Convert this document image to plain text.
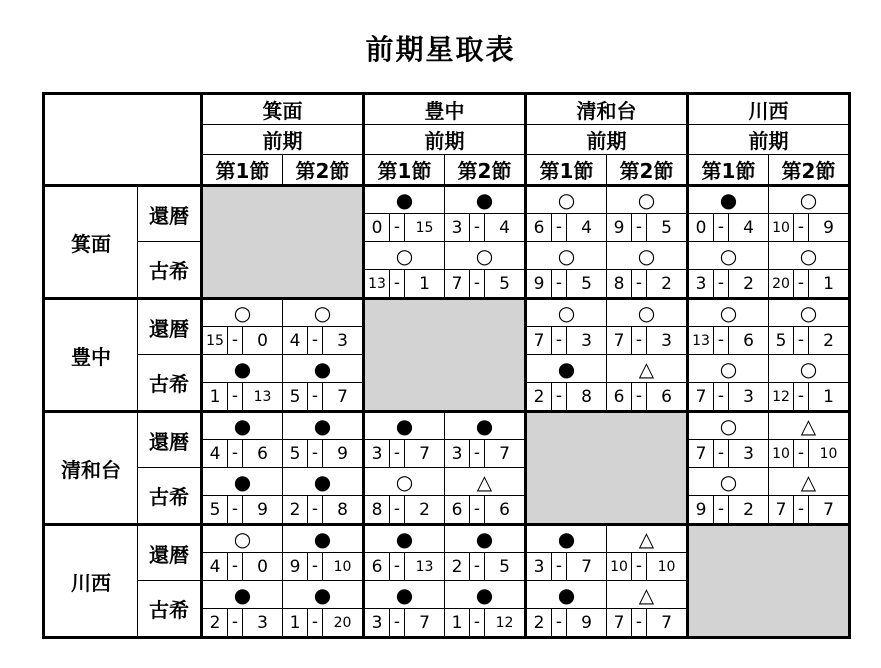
前期星取表
		箕面		豊中		清和台		川西	
		前期		前期		前期		前期	
		第1節	第2節	第1節	第2節	第1節	第2節	第1節	第2節
箕面	還暦			●	●	○	○	●	○

				0 - 15	3 - 4	6 - 4	9 - 5	0 - 4	10 - 9

	古希			○	○	○	○	○	○

				13 - 1	7 - 5	9 - 5	8 - 2	3 - 2	20 - 1

豊中	還暦	○	○			○	○	○	○

		15 - 0	4 - 3			7 - 3	7 - 3	13 - 6	5 - 2

	古希	●	●			●	△	○	○

		1 - 13	5 - 7			2 - 8	6 - 6	7 - 3	12 - 1

清和台	還暦	●	●	●	●			○	△

		4 - 6	5 - 9	3 - 7	3 - 7			7 - 3	10 - 10

	古希	●	●	○	△			○	△

		5 - 9	2 - 8	8 - 2	6 - 6			9 - 2	7 - 7

川西	還暦	○	●	●	●	●	△		

		4 - 0	9 - 10	6 - 13	2 - 5	3 - 7	10 - 10		

	古希	●	●	●	●	●	△		

		2 - 3	1 - 20	3 - 7	1 - 12	2 - 9	7 - 7		
